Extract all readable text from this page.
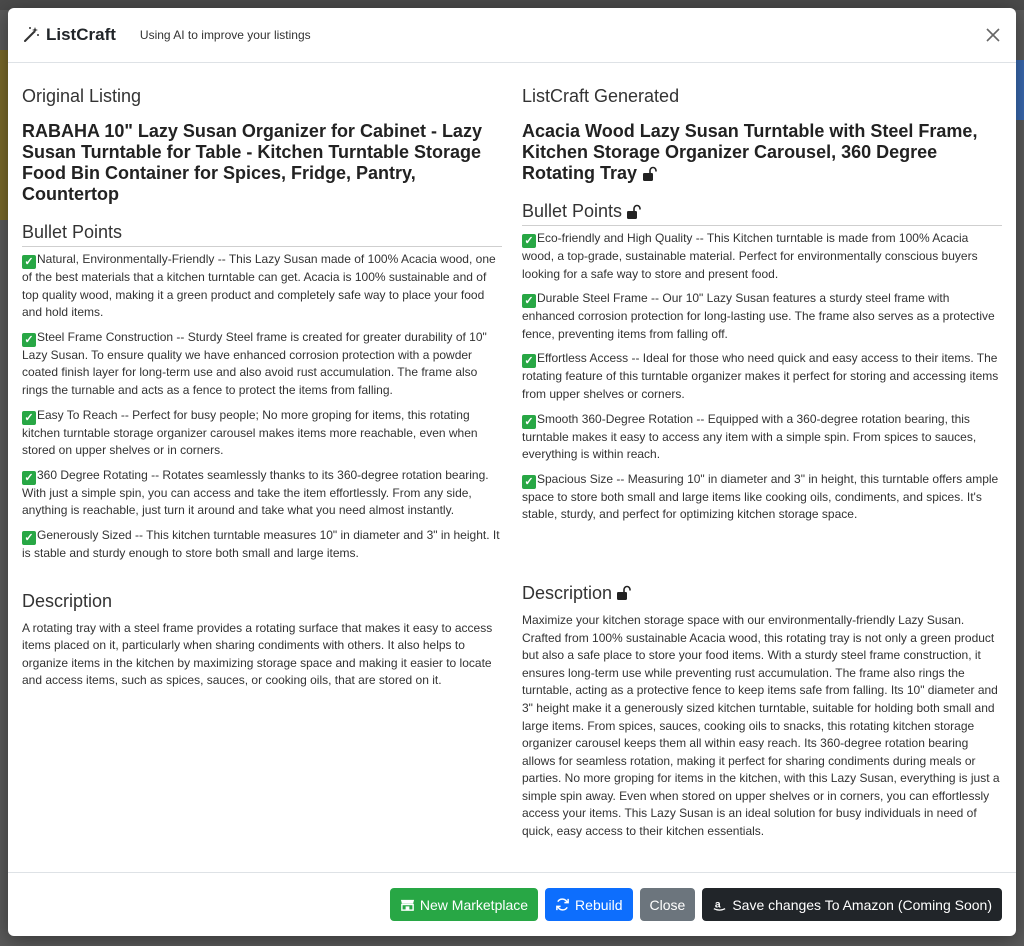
ListCraft Using AI to improve your listings
Original Listing
RABAHA 10" Lazy Susan Organizer for Cabinet - Lazy Susan Turntable for Table - Kitchen Turntable Storage Food Bin Container for Spices, Fridge, Pantry, Countertop
Bullet Points
✓ Natural, Environmentally-Friendly -- This Lazy Susan made of 100% Acacia wood, one of the best materials that a kitchen turntable can get. Acacia is 100% sustainable and of top quality wood, making it a green product and completely safe way to place your food and hold items.
✓ Steel Frame Construction -- Sturdy Steel frame is created for greater durability of 10" Lazy Susan. To ensure quality we have enhanced corrosion protection with a powder coated finish layer for long-term use and also avoid rust accumulation. The frame also rings the turnable and acts as a fence to protect the items from falling.
✓ Easy To Reach -- Perfect for busy people; No more groping for items, this rotating kitchen turntable storage organizer carousel makes items more reachable, even when stored on upper shelves or in corners.
✓ 360 Degree Rotating -- Rotates seamlessly thanks to its 360-degree rotation bearing. With just a simple spin, you can access and take the item effortlessly. From any side, anything is reachable, just turn it around and take what you need almost instantly.
✓ Generously Sized -- This kitchen turntable measures 10" in diameter and 3" in height. It is stable and sturdy enough to store both small and large items.
Description
A rotating tray with a steel frame provides a rotating surface that makes it easy to access items placed on it, particularly when sharing condiments with others. It also helps to organize items in the kitchen by maximizing storage space and making it easier to locate and access items, such as spices, sauces, or cooking oils, that are stored on it.
ListCraft Generated
Acacia Wood Lazy Susan Turntable with Steel Frame, Kitchen Storage Organizer Carousel, 360 Degree Rotating Tray
Bullet Points
✓ Eco-friendly and High Quality -- This Kitchen turntable is made from 100% Acacia wood, a top-grade, sustainable material. Perfect for environmentally conscious buyers looking for a safe way to store and present food.
✓ Durable Steel Frame -- Our 10" Lazy Susan features a sturdy steel frame with enhanced corrosion protection for long-lasting use. The frame also serves as a protective fence, preventing items from falling off.
✓ Effortless Access -- Ideal for those who need quick and easy access to their items. The rotating feature of this turntable organizer makes it perfect for storing and accessing items from upper shelves or corners.
✓ Smooth 360-Degree Rotation -- Equipped with a 360-degree rotation bearing, this turntable makes it easy to access any item with a simple spin. From spices to sauces, everything is within reach.
✓ Spacious Size -- Measuring 10" in diameter and 3" in height, this turntable offers ample space to store both small and large items like cooking oils, condiments, and spices. It's stable, sturdy, and perfect for optimizing kitchen storage space.
Description
Maximize your kitchen storage space with our environmentally-friendly Lazy Susan. Crafted from 100% sustainable Acacia wood, this rotating tray is not only a green product but also a safe place to store your food items. With a sturdy steel frame construction, it ensures long-term use while preventing rust accumulation. The frame also rings the turntable, acting as a protective fence to keep items safe from falling. Its 10" diameter and 3" height make it a generously sized kitchen turntable, suitable for holding both small and large items. From spices, sauces, cooking oils to snacks, this rotating kitchen storage organizer carousel keeps them all within easy reach. Its 360-degree rotation bearing allows for seamless rotation, making it perfect for sharing condiments during meals or parties. No more groping for items in the kitchen, with this Lazy Susan, everything is just a simple spin away. Even when stored on upper shelves or in corners, you can effortlessly access your items. This Lazy Susan is an ideal solution for busy individuals in need of quick, easy access to their kitchen essentials.
New Marketplace	Rebuild Close	a Save changes To Amazon (Coming Soon)
